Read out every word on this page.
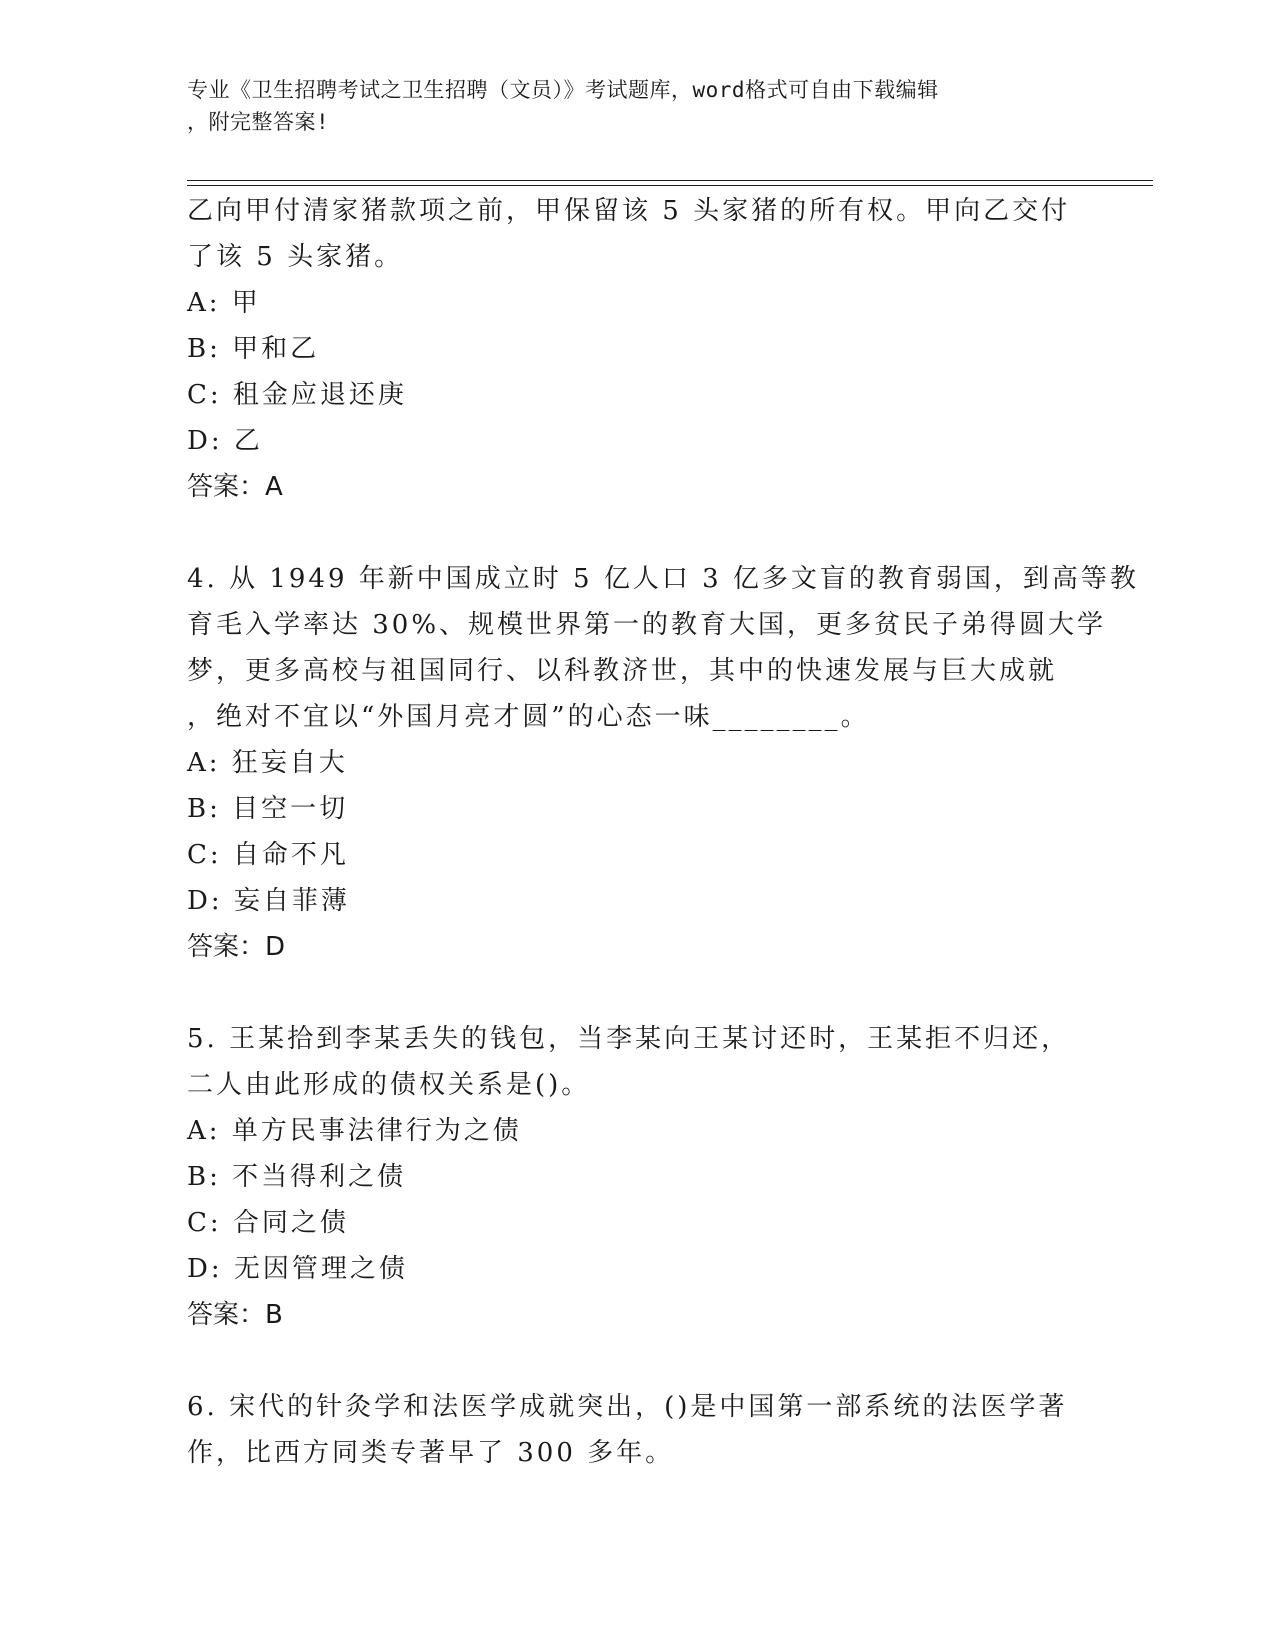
专业《卫生招聘考试之卫生招聘（文员）》考试题库，word格式可自由下载编辑
，附完整答案!
乙向甲付清家猪款项之前，甲保留该 5 头家猪的所有权。甲向乙交付
了该 5 头家猪。
A: 甲
B: 甲和乙
C: 租金应退还庚
D: 乙
答案：A
4. 从 1949 年新中国成立时 5 亿人口 3 亿多文盲的教育弱国，到高等教
育毛入学率达 30%、规模世界第一的教育大国，更多贫民子弟得圆大学
梦，更多高校与祖国同行、以科教济世，其中的快速发展与巨大成就
，绝对不宜以“外国月亮才圆”的心态一味________。
A: 狂妄自大
B: 目空一切
C: 自命不凡
D: 妄自菲薄
答案：D
5. 王某拾到李某丢失的钱包，当李某向王某讨还时，王某拒不归还，
二人由此形成的债权关系是()。
A: 单方民事法律行为之债
B: 不当得利之债
C: 合同之债
D: 无因管理之债
答案：B
6. 宋代的针灸学和法医学成就突出，()是中国第一部系统的法医学著
作，比西方同类专著早了 300 多年。
